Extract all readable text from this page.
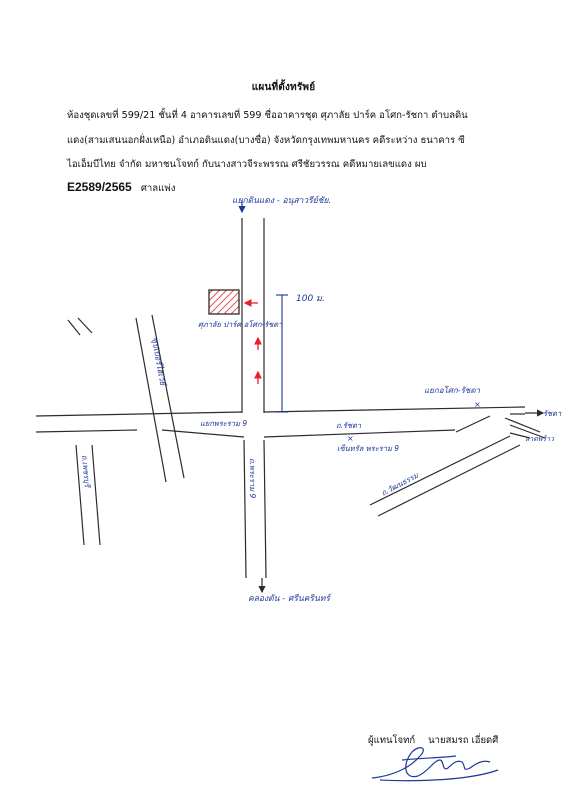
แผนที่ตั้งทรัพย์
ห้องชุดเลขที่ 599/21 ชั้นที่ 4 อาคารเลขที่ 599 ชื่ออาคารชุด ศุภาลัย ปาร์ค อโศก-รัชกา ตำบลดิน
แดง(สามเสนนอกฝั่งเหนือ) อำเภอดินแดง(บางซื่อ) จังหวัดกรุงเทพมหานคร คดีระหว่าง ธนาคาร ซี
ไอเอ็มบีไทย จำกัด มหาชนโจทก์ กับนางสาวจีระพรรณ ศรีชัยวรรณ คดีหมายเลขแดง ผบ
E2589/2565 ศาลแพ่ง
×
×
แยกดินแดง - อนุสาวรีย์ชัย.
100 ม.
ศุภาลัย ปาร์ค อโศก-รัชดา
ซุปเปอร์ไฮเวย์
แยกพระราม 9
แยกอโศก-รัชดา
ถ.รัชดา
รัชดา
ลาดพร้าว
เซ็นทรัล พระราม 9
ถ.พระราม 9
ถ.เพชรบุรี	ถ.วัฒนธรรม
คลองตัน - ศรีนครินทร์
ผู้แทนโจทก์ นายสมรถ เอี่ยดศี
